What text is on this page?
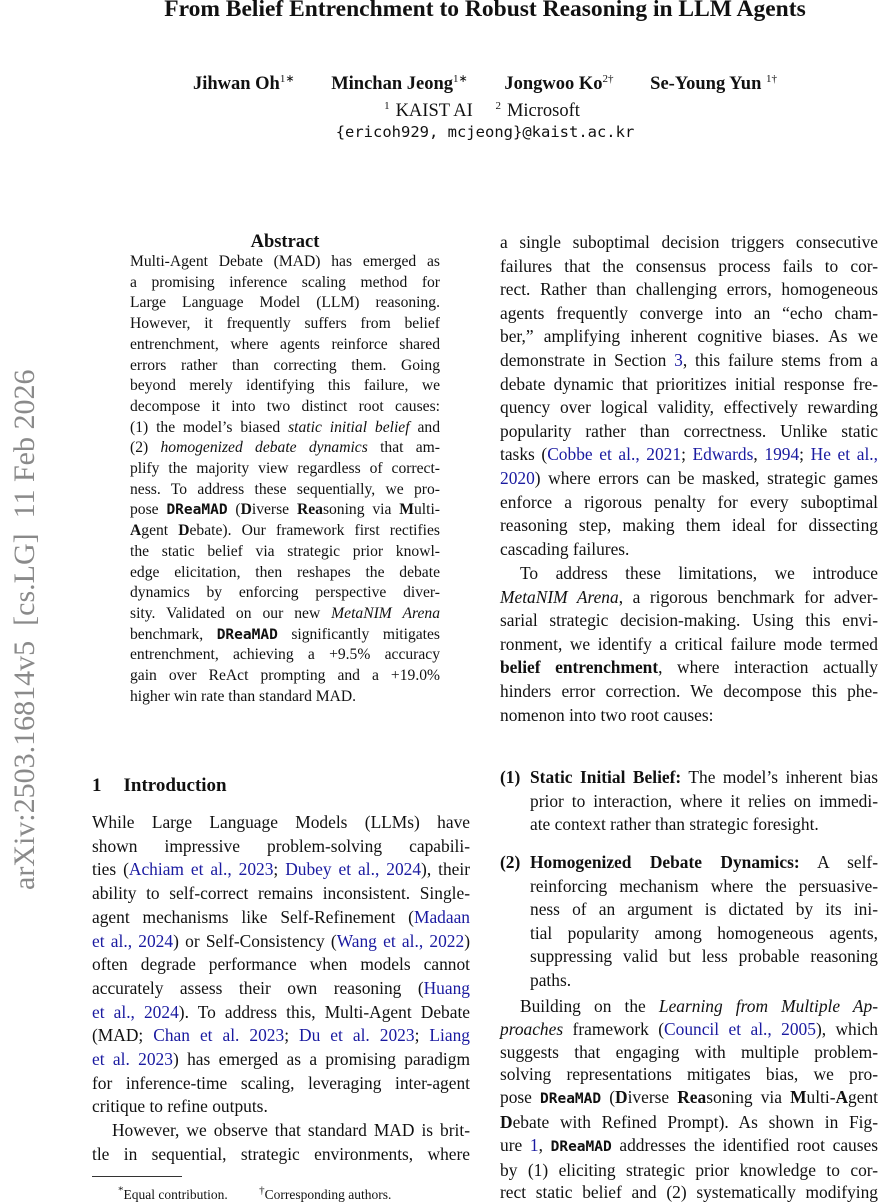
From Belief Entrenchment to Robust Reasoning in LLM Agents
Jihwan $Oh^{1∗}$ Minchan Jeong$^{1∗}$ Jongwoo $Ko^{2\dagger}$ Se-Young Yun $^{1\dagger}$
$^1$ KAIST AI $^2$ Microsoft
{ericoh929, mcjeong}@kaist.ac.kr
arXiv:2503.16814v5  [cs.LG]  11 Feb 2026
Abstract
Multi-Agent Debate (MAD) has emerged as
a promising inference scaling method for
Large Language Model (LLM) reasoning.
However, it frequently suffers from belief
entrenchment, where agents reinforce shared
errors rather than correcting them. Going
beyond merely identifying this failure, we
decompose it into two distinct root causes:
(1) the model’s biased static initial belief and
(2) homogenized debate dynamics that am-
plify the majority view regardless of correct-
ness. To address these sequentially, we pro-
pose DReaMAD (Diverse Reasoning via Multi-
Agent Debate). Our framework first rectifies
the static belief via strategic prior knowl-
edge elicitation, then reshapes the debate
dynamics by enforcing perspective diver-
sity. Validated on our new MetaNIM Arena
benchmark, DReaMAD significantly mitigates
entrenchment, achieving a +9.5% accuracy
gain over ReAct prompting and a +19.0%
higher win rate than standard MAD.
1 Introduction
While Large Language Models (LLMs) have
shown impressive problem-solving capabili-
ties (Achiam et al., 2023; Dubey et al., 2024), their
ability to self-correct remains inconsistent. Single-
agent mechanisms like Self-Refinement (Madaan
et al., 2024) or Self-Consistency (Wang et al., 2022)
often degrade performance when models cannot
accurately assess their own reasoning (Huang
et al., 2024). To address this, Multi-Agent Debate
(MAD; Chan et al. 2023; Du et al. 2023; Liang
et al. 2023) has emerged as a promising paradigm
for inference-time scaling, leveraging inter-agent
critique to refine outputs.
However, we observe that standard MAD is brit-
tle in sequential, strategic environments, where
a single suboptimal decision triggers consecutive
failures that the consensus process fails to cor-
rect. Rather than challenging errors, homogeneous
agents frequently converge into an “echo cham-
ber,” amplifying inherent cognitive biases. As we
demonstrate in Section 3, this failure stems from a
debate dynamic that prioritizes initial response fre-
quency over logical validity, effectively rewarding
popularity rather than correctness. Unlike static
tasks (Cobbe et al., 2021; Edwards, 1994; He et al.,
2020) where errors can be masked, strategic games
enforce a rigorous penalty for every suboptimal
reasoning step, making them ideal for dissecting
cascading failures.
To address these limitations, we introduce
MetaNIM Arena, a rigorous benchmark for adver-
sarial strategic decision-making. Using this envi-
ronment, we identify a critical failure mode termed
belief entrenchment, where interaction actually
hinders error correction. We decompose this phe-
nomenon into two root causes:
(1) Static Initial Belief: The model’s inherent bias
prior to interaction, where it relies on immedi-
ate context rather than strategic foresight.
(2) Homogenized Debate Dynamics: A self-
reinforcing mechanism where the persuasive-
ness of an argument is dictated by its ini-
tial popularity among homogeneous agents,
suppressing valid but less probable reasoning
paths.
Building on the Learning from Multiple Ap-
proaches framework (Council et al., 2005), which
suggests that engaging with multiple problem-
solving representations mitigates bias, we pro-
pose DReaMAD (Diverse Reasoning via Multi-Agent
Debate with Refined Prompt). As shown in Fig-
ure 1, DReaMAD addresses the identified root causes
by (1) eliciting strategic prior knowledge to cor-
rect static belief and (2) systematically modifying
*Equal contribution.	†Corresponding authors.
